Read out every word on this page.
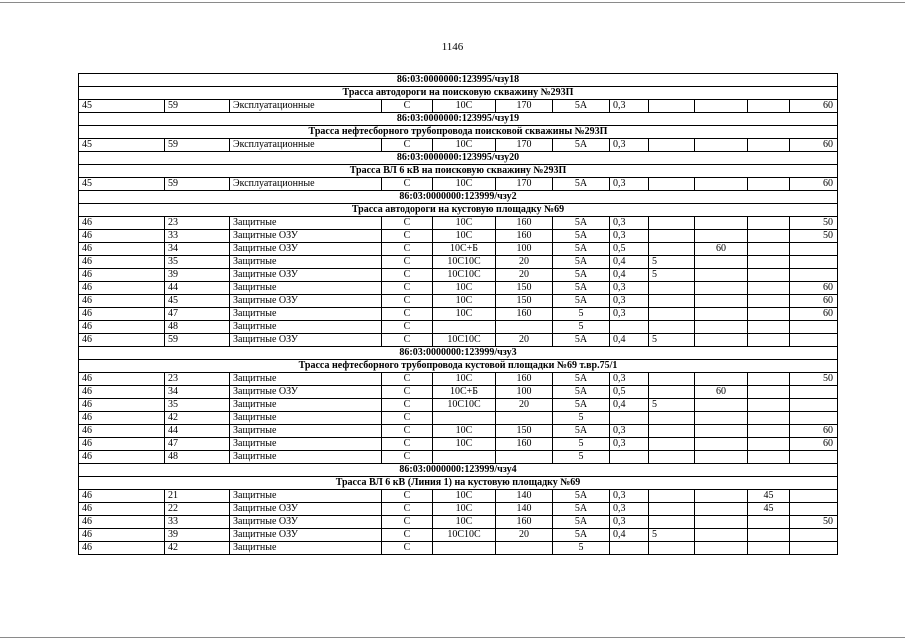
1146
86:03:0000000:123995/чзу18											
Трасса автодороги на поисковую скважину №293П											
45	59	Эксплуатационные	С	10С	170	5А	0,3				60
86:03:0000000:123995/чзу19											
Трасса нефтесборного трубопровода поисковой скважины №293П											
45	59	Эксплуатационные	С	10С	170	5А	0,3				60
86:03:0000000:123995/чзу20											
Трасса ВЛ 6 кВ на поисковую скважину №293П											
45	59	Эксплуатационные	С	10С	170	5А	0,3				60
86:03:0000000:123999/чзу2											
Трасса автодороги на кустовую площадку №69											
46	23	Защитные	С	10С	160	5А	0,3				50
46	33	Защитные ОЗУ	С	10С	160	5А	0,3				50
46	34	Защитные ОЗУ	С	10С+Б	100	5А	0,5		60		
46	35	Защитные	С	10С10С	20	5А	0,4	5			
46	39	Защитные ОЗУ	С	10С10С	20	5А	0,4	5			
46	44	Защитные	С	10С	150	5А	0,3				60
46	45	Защитные ОЗУ	С	10С	150	5А	0,3				60
46	47	Защитные	С	10С	160	5	0,3				60
46	48	Защитные	С			5					
46	59	Защитные ОЗУ	С	10С10С	20	5А	0,4	5			
86:03:0000000:123999/чзу3											
Трасса нефтесборного трубопровода кустовой площадки №69 т.вр.75/1											
46	23	Защитные	С	10С	160	5А	0,3				50
46	34	Защитные ОЗУ	С	10С+Б	100	5А	0,5		60		
46	35	Защитные	С	10С10С	20	5А	0,4	5			
46	42	Защитные	С			5					
46	44	Защитные	С	10С	150	5А	0,3				60
46	47	Защитные	С	10С	160	5	0,3				60
46	48	Защитные	С			5					
86:03:0000000:123999/чзу4											
Трасса ВЛ 6 кВ (Линия 1) на кустовую площадку №69											
46	21	Защитные	С	10С	140	5А	0,3			45	
46	22	Защитные ОЗУ	С	10С	140	5А	0,3			45	
46	33	Защитные ОЗУ	С	10С	160	5А	0,3				50
46	39	Защитные ОЗУ	С	10С10С	20	5А	0,4	5			
46	42	Защитные	С			5					
